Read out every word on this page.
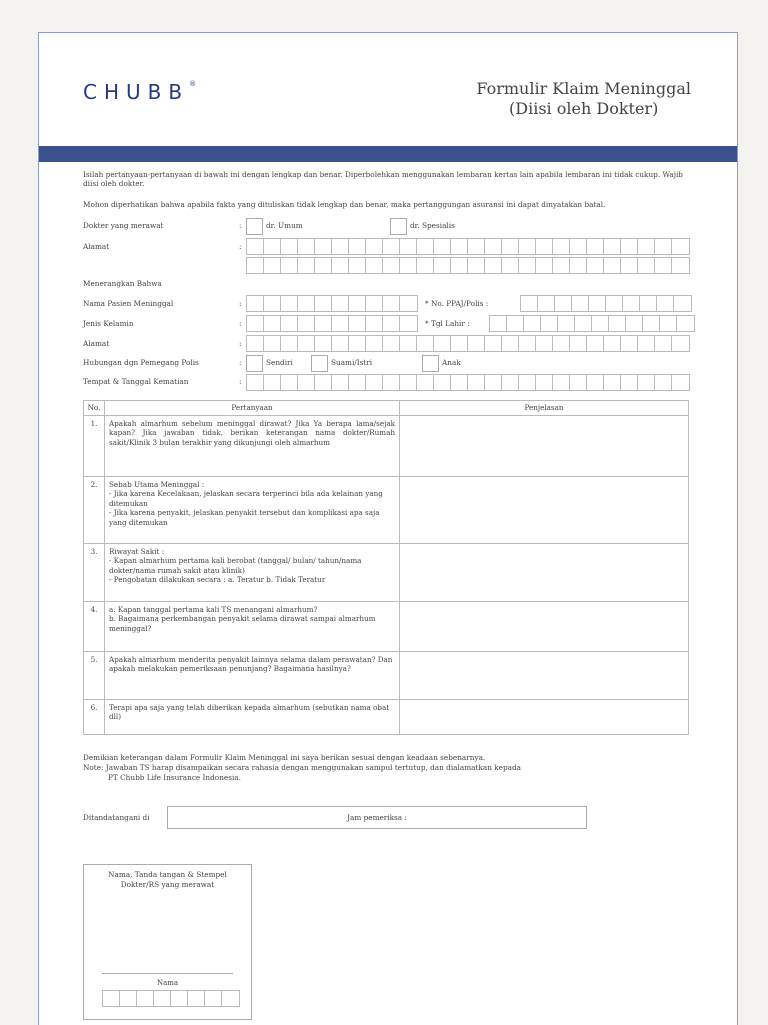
CHUBB®	Formulir Klaim Meninggal
(Diisi oleh Dokter)
Isilah pertanyaan-pertanyaan di bawah ini dengan lengkap dan benar. Diperbolehkan menggunakan lembaran kertas lain apabila lembaran ini tidak cukup. Wajib diisi oleh dokter.
Mohon diperhatikan bahwa apabila fakta yang dituliskan tidak lengkap dan benar, maka pertanggungan asuransi ini dapat dinyatakan batal.
Dokter yang merawat	:	dr. Umum	dr. Spesialis
Alamat	:
Menerangkan Bahwa
Nama Pasien Meninggal	:	* No. PPAJ/Polis :
Jenis Kelamin	:	* Tgl Lahir :
Alamat	:
Hubungan dgn Pemegang Polis	:	Sendiri	Suami/Istri	Anak
Tempat & Tanggal Kematian	:
No.	Pertanyaan	Penjelasan
1.	Apakah almarhum sebelum meninggal dirawat? Jika Ya berapa lama/sejak kapan? Jika jawaban tidak, berikan keterangan nama dokter/Rumah sakit/Klinik 3 bulan terakhir yang dikunjungi oleh almarhum	
2.	Sebab Utama Meninggal :
- Jika karena Kecelakaan, jelaskan secara terperinci bila ada kelainan yang ditemukan
- Jika karena penyakit, jelaskan penyakit tersebut dan komplikasi apa saja yang ditemukan	
3.	Riwayat Sakit :
- Kapan almarhum pertama kali berobat (tanggal/ bulan/ tahun/nama dokter/nama rumah sakit atau klinik)
- Pengobatan dilakukan secara : a. Teratur b. Tidak Teratur	
4.	a. Kapan tanggal pertama kali TS menangani almarhum?
b. Bagaimana perkembangan penyakit selama dirawat sampai almarhum meninggal?	
5.	Apakah almarhum menderita penyakit lainnya selama dalam perawatan? Dan apakah melakukan pemeriksaan penunjang? Bagaimana hasilnya?	
6.	Terapi apa saja yang telah diberikan kepada almarhum (sebutkan nama obat dll)	
Demikian keterangan dalam Formulir Klaim Meninggal ini saya berikan sesuai dengan keadaan sebenarnya.
Note: Jawaban TS harap disampaikan secara rahasia dengan menggunakan sampul tertutup, dan dialamatkan kepada
PT Chubb Life Insurance Indonesia.
Ditandatangani di	Jam pemeriksa :
Nama, Tanda tangan & Stempel Dokter/RS yang merawat
Nama
